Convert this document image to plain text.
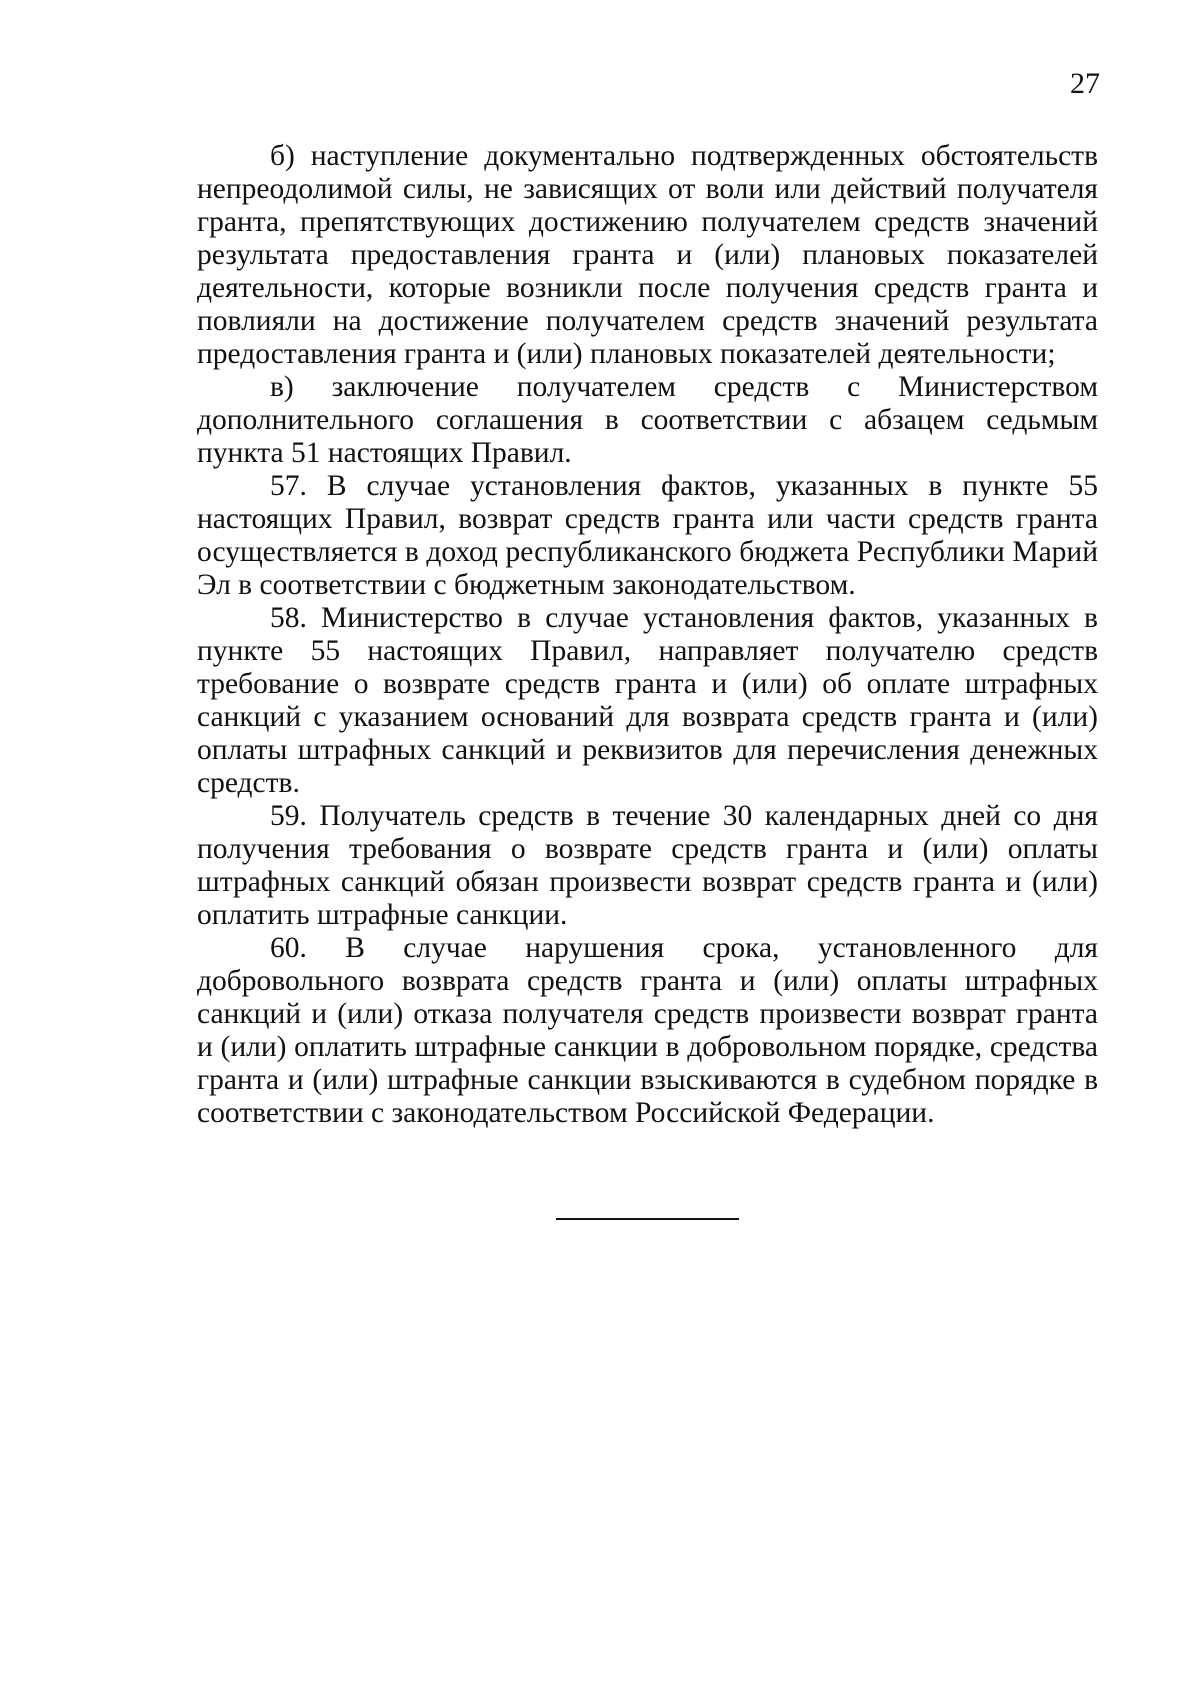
27

б) наступление документально подтвержденных обстоятельств непреодолимой силы, не зависящих от воли или действий получателя гранта, препятствующих достижению получателем средств значений результата предоставления гранта и (или) плановых показателей деятельности, которые возникли после получения средств гранта и повлияли на достижение получателем средств значений результата предоставления гранта и (или) плановых показателей деятельности;

в) заключение получателем средств с Министерством дополнительного соглашения в соответствии с абзацем седьмым пункта 51 настоящих Правил.

57. В случае установления фактов, указанных в пункте 55 настоящих Правил, возврат средств гранта или части средств гранта осуществляется в доход республиканского бюджета Республики Марий Эл в соответствии с бюджетным законодательством.

58. Министерство в случае установления фактов, указанных в пункте 55 настоящих Правил, направляет получателю средств требование о возврате средств гранта и (или) об оплате штрафных санкций с указанием оснований для возврата средств гранта и (или) оплаты штрафных санкций и реквизитов для перечисления денежных средств.

59. Получатель средств в течение 30 календарных дней со дня получения требования о возврате средств гранта и (или) оплаты штрафных санкций обязан произвести возврат средств гранта и (или) оплатить штрафные санкции.

60. В случае нарушения срока, установленного для добровольного возврата средств гранта и (или) оплаты штрафных санкций и (или) отказа получателя средств произвести возврат гранта и (или) оплатить штрафные санкции в добровольном порядке, средства гранта и (или) штрафные санкции взыскиваются в судебном порядке в соответствии с законодательством Российской Федерации.
